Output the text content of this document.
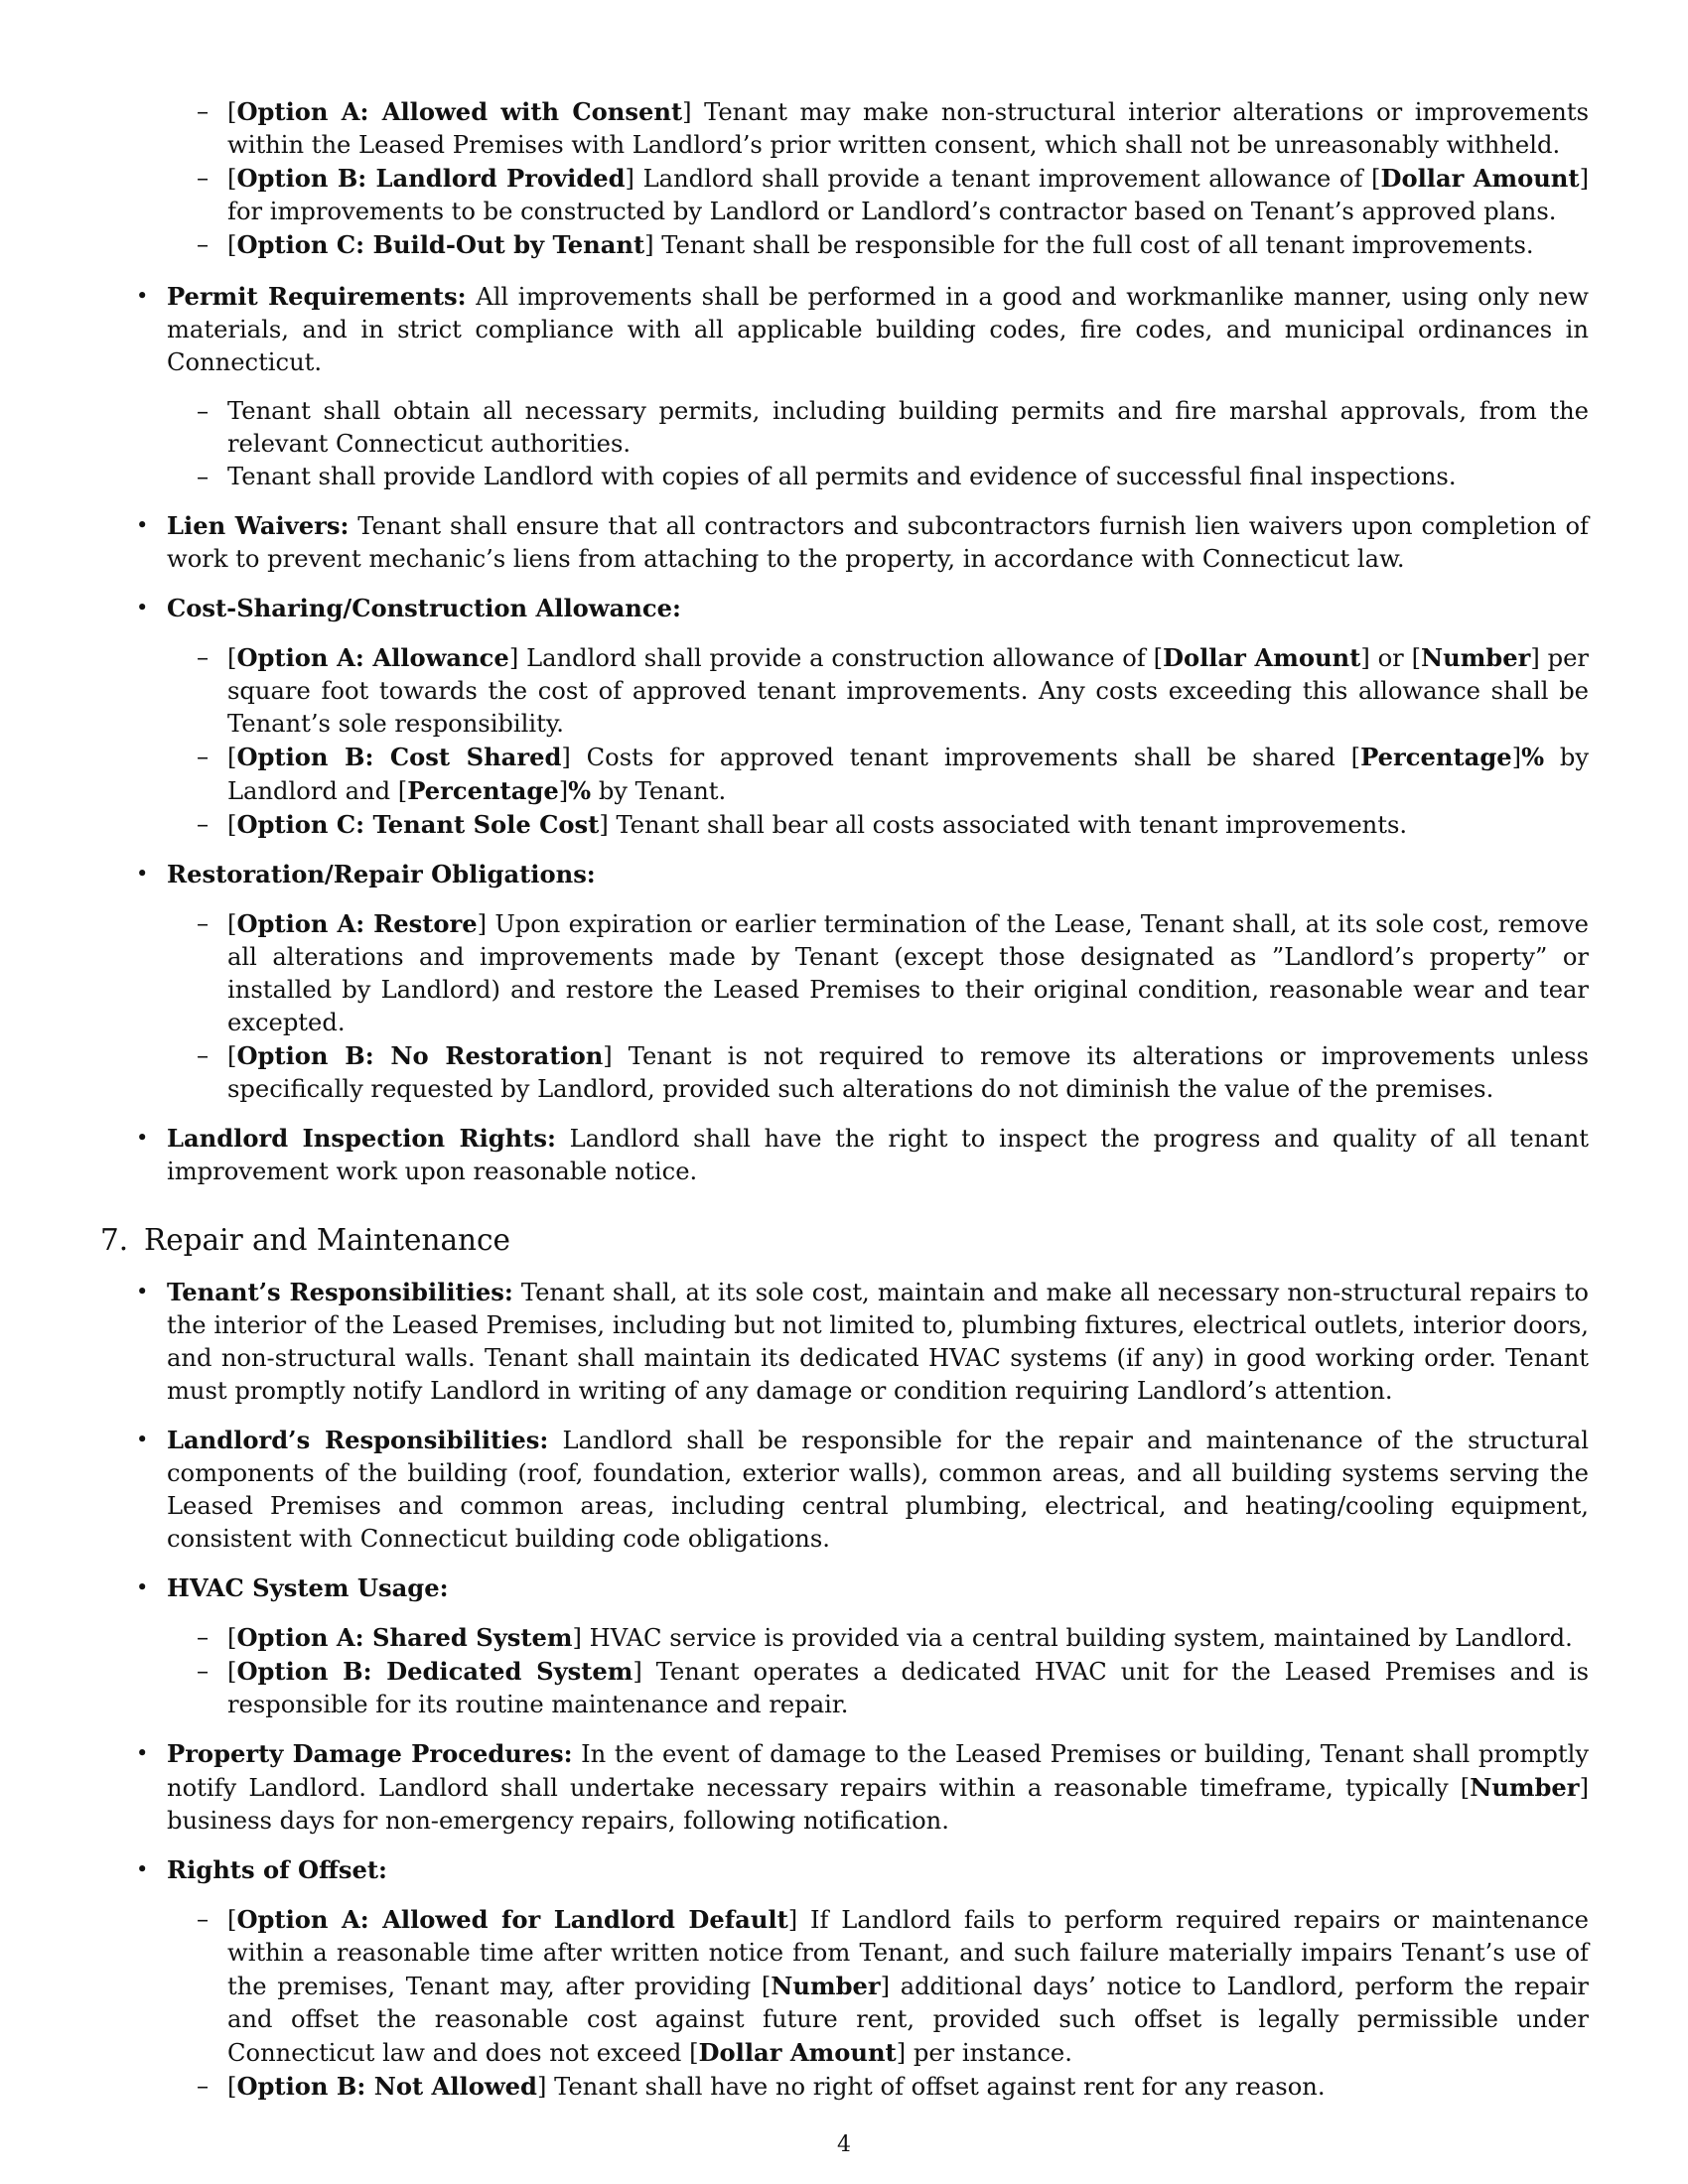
– [Option A: Allowed with Consent] Tenant may make non-structural interior alterations or improvements within the Leased Premises with Landlord’s prior written consent, which shall not be unreasonably withheld.
– [Option B: Landlord Provided] Landlord shall provide a tenant improvement allowance of [Dollar Amount] for improvements to be constructed by Landlord or Landlord’s contractor based on Tenant’s approved plans.
– [Option C: Build-Out by Tenant] Tenant shall be responsible for the full cost of all tenant improvements.
• Permit Requirements: All improvements shall be performed in a good and workmanlike manner, using only new materials, and in strict compliance with all applicable building codes, fire codes, and municipal ordinances in Connecticut.
– Tenant shall obtain all necessary permits, including building permits and fire marshal approvals, from the relevant Connecticut authorities.
– Tenant shall provide Landlord with copies of all permits and evidence of successful final inspections.
• Lien Waivers: Tenant shall ensure that all contractors and subcontractors furnish lien waivers upon completion of work to prevent mechanic’s liens from attaching to the property, in accordance with Connecticut law.
• Cost-Sharing/Construction Allowance:
– [Option A: Allowance] Landlord shall provide a construction allowance of [Dollar Amount] or [Number] per square foot towards the cost of approved tenant improvements. Any costs exceeding this allowance shall be Tenant’s sole responsibility.
– [Option B: Cost Shared] Costs for approved tenant improvements shall be shared [Percentage]% by Landlord and [Percentage]% by Tenant.
– [Option C: Tenant Sole Cost] Tenant shall bear all costs associated with tenant improvements.
• Restoration/Repair Obligations:
– [Option A: Restore] Upon expiration or earlier termination of the Lease, Tenant shall, at its sole cost, remove all alterations and improvements made by Tenant (except those designated as ”Landlord’s property” or installed by Landlord) and restore the Leased Premises to their original condition, reasonable wear and tear excepted.
– [Option B: No Restoration] Tenant is not required to remove its alterations or improvements unless specifically requested by Landlord, provided such alterations do not diminish the value of the premises.
• Landlord Inspection Rights: Landlord shall have the right to inspect the progress and quality of all tenant improvement work upon reasonable notice.
7. Repair and Maintenance
• Tenant’s Responsibilities: Tenant shall, at its sole cost, maintain and make all necessary non-structural repairs to the interior of the Leased Premises, including but not limited to, plumbing fixtures, electrical outlets, interior doors, and non-structural walls. Tenant shall maintain its dedicated HVAC systems (if any) in good working order. Tenant must promptly notify Landlord in writing of any damage or condition requiring Landlord’s attention.
• Landlord’s Responsibilities: Landlord shall be responsible for the repair and maintenance of the structural components of the building (roof, foundation, exterior walls), common areas, and all building systems serving the Leased Premises and common areas, including central plumbing, electrical, and heating/cooling equipment, consistent with Connecticut building code obligations.
• HVAC System Usage:
– [Option A: Shared System] HVAC service is provided via a central building system, maintained by Landlord.
– [Option B: Dedicated System] Tenant operates a dedicated HVAC unit for the Leased Premises and is responsible for its routine maintenance and repair.
• Property Damage Procedures: In the event of damage to the Leased Premises or building, Tenant shall promptly notify Landlord. Landlord shall undertake necessary repairs within a reasonable timeframe, typically [Number] business days for non-emergency repairs, following notification.
• Rights of Offset:
– [Option A: Allowed for Landlord Default] If Landlord fails to perform required repairs or maintenance within a reasonable time after written notice from Tenant, and such failure materially impairs Tenant’s use of the premises, Tenant may, after providing [Number] additional days’ notice to Landlord, perform the repair and offset the reasonable cost against future rent, provided such offset is legally permissible under Connecticut law and does not exceed [Dollar Amount] per instance.
– [Option B: Not Allowed] Tenant shall have no right of offset against rent for any reason.
4
